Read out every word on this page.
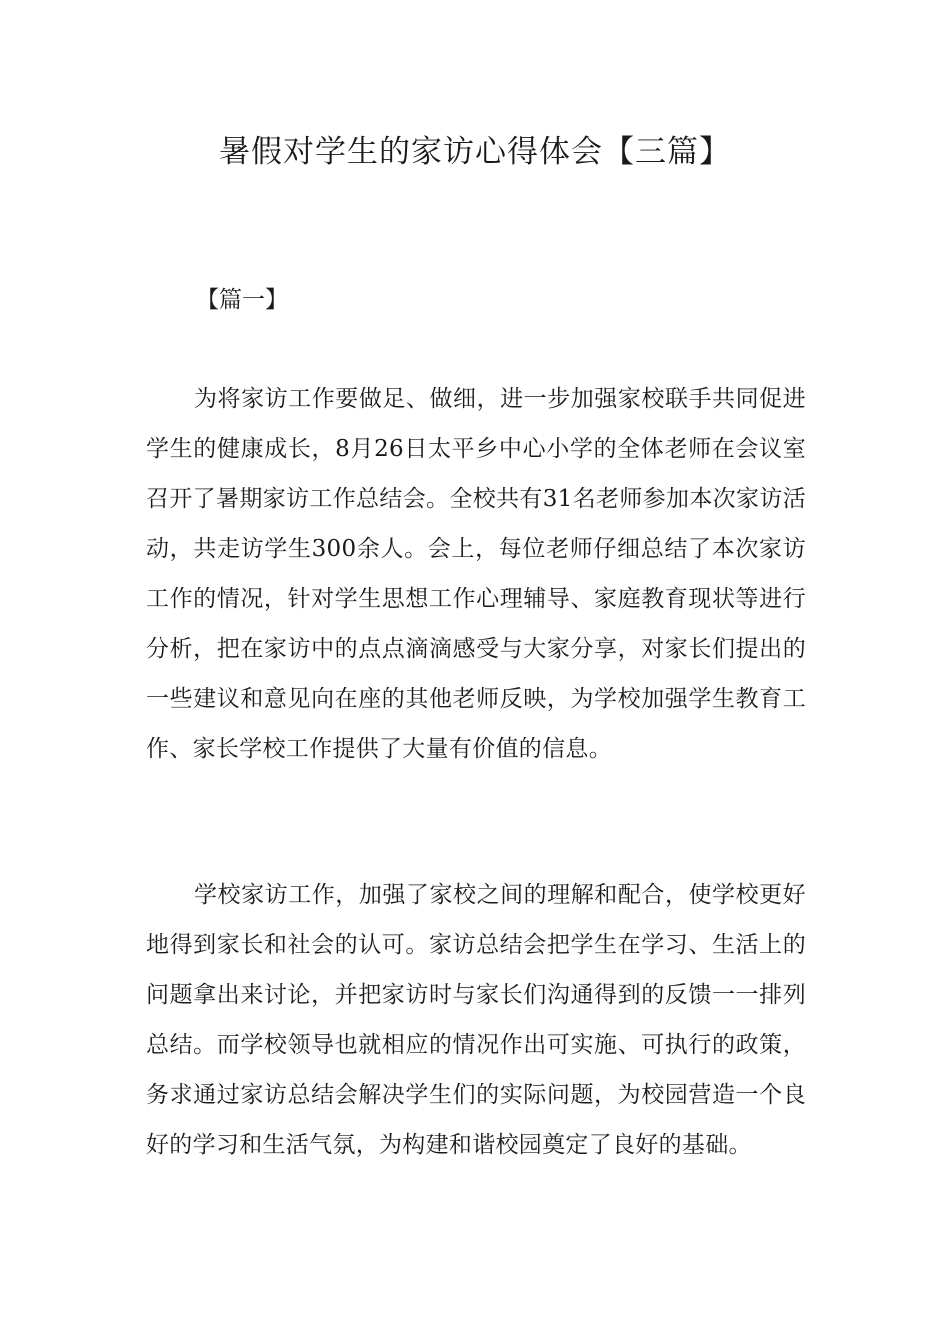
暑假对学生的家访心得体会【三篇】

【篇一】

为将家访工作要做足、做细，进一步加强家校联手共同促进学生的健康成长，8月26日太平乡中心小学的全体老师在会议室召开了暑期家访工作总结会。全校共有31名老师参加本次家访活动，共走访学生300余人。会上，每位老师仔细总结了本次家访工作的情况，针对学生思想工作心理辅导、家庭教育现状等进行分析，把在家访中的点点滴滴感受与大家分享，对家长们提出的一些建议和意见向在座的其他老师反映，为学校加强学生教育工作、家长学校工作提供了大量有价值的信息。

学校家访工作，加强了家校之间的理解和配合，使学校更好地得到家长和社会的认可。家访总结会把学生在学习、生活上的问题拿出来讨论，并把家访时与家长们沟通得到的反馈一一排列总结。而学校领导也就相应的情况作出可实施、可执行的政策，务求通过家访总结会解决学生们的实际问题，为校园营造一个良好的学习和生活气氛，为构建和谐校园奠定了良好的基础。
